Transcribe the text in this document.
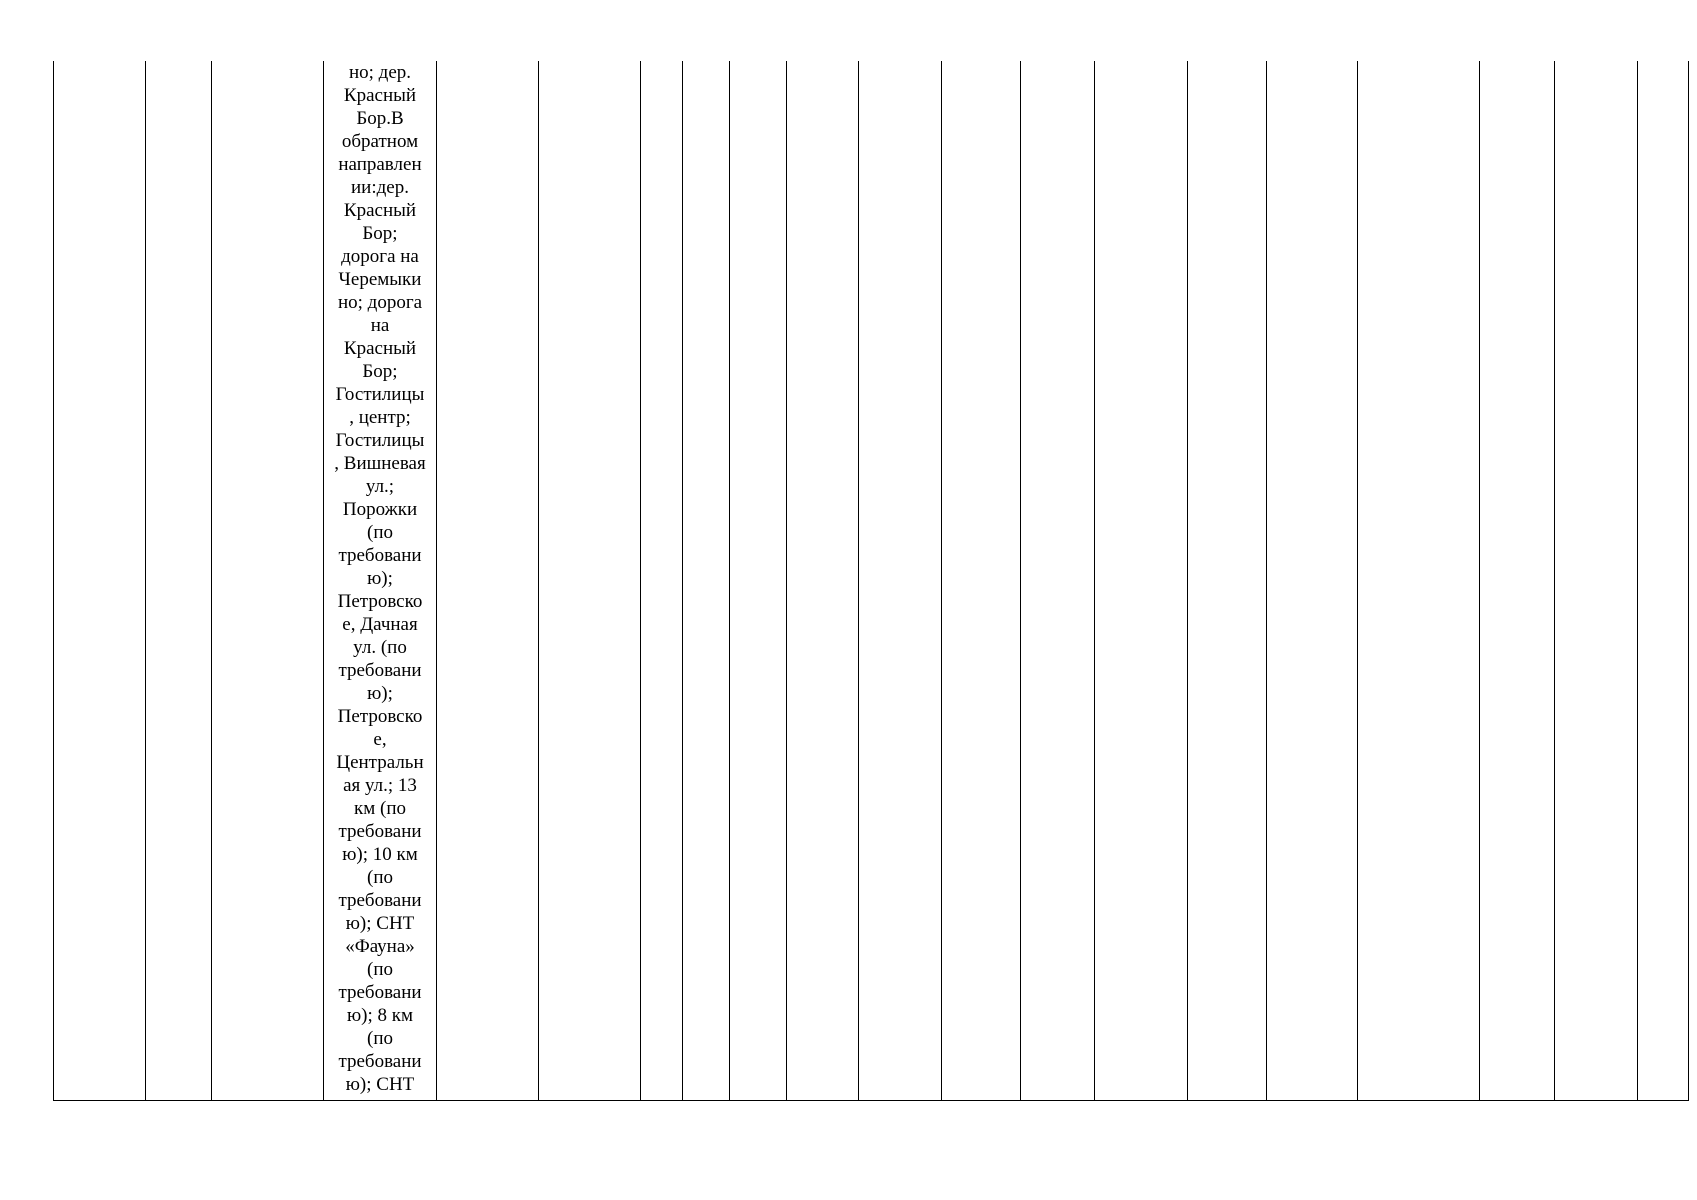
			но; дер.
Красный
Бор.В
обратном
направлен
ии:дер.
Красный
Бор;
дорога на
Черемыки
но; дорога
на
Красный
Бор;
Гостилицы
, центр;
Гостилицы
, Вишневая
ул.;
Порожки
(по
требовани
ю);
Петровско
е, Дачная
ул. (по
требовани
ю);
Петровско
е,
Центральн
ая ул.; 13
км (по
требовани
ю); 10 км
(по
требовани
ю); СНТ
«Фауна»
(по
требовани
ю); 8 км
(по
требовани
ю); СНТ																
